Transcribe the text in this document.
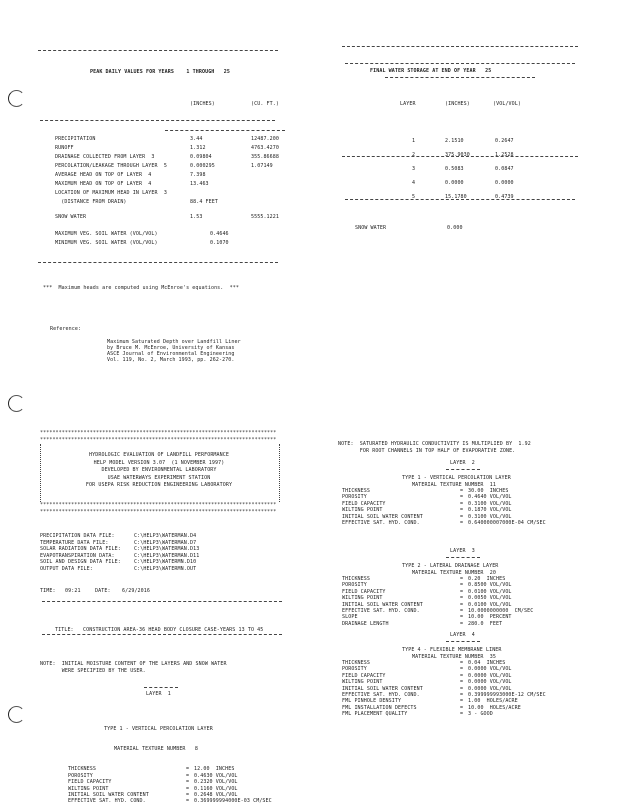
PEAK DAILY VALUES FOR YEARS    1 THROUGH   25

(INCHES)	(CU. FT.)

PRECIPITATION	3.44	12487.200
RUNOFF	1.312	4763.4270
DRAINAGE COLLECTED FROM LAYER  3	0.09804	355.86688
PERCOLATION/LEAKAGE THROUGH LAYER  5	0.000295	1.07149
AVERAGE HEAD ON TOP OF LAYER  4	7.398
MAXIMUM HEAD ON TOP OF LAYER  4	13.463
LOCATION OF MAXIMUM HEAD IN LAYER  3
(DISTANCE FROM DRAIN)	88.4 FEET
SNOW WATER	1.53	5555.1221
MAXIMUM VEG. SOIL WATER (VOL/VOL)	0.4646
MINIMUM VEG. SOIL WATER (VOL/VOL)	0.1070

***  Maximum heads are computed using McEnroe's equations.  ***

Reference:

Maximum Saturated Depth over Landfill Liner
by Bruce M. McEnroe, University of Kansas
ASCE Journal of Environmental Engineering
Vol. 119, No. 2, March 1993, pp. 262-270.

FINAL WATER STORAGE AT END OF YEAR   25

LAYER

	(INCHES)

	(VOL/VOL)

1	2.1510	0.2647
2	375.9030	1.2528
3	0.5083	0.0847
4	0.0000	0.0000
5	15.1780	0.4739

SNOW WATER	0.000

****************************************************************************

****************************************************************************

HYDROLOGIC EVALUATION OF LANDFILL PERFORMANCE
HELP MODEL VERSION 3.07  (1 NOVEMBER 1997)
DEVELOPED BY ENVIRONMENTAL LABORATORY
USAE WATERWAYS EXPERIMENT STATION
FOR USEPA RISK REDUCTION ENGINEERING LABORATORY

****************************************************************************

****************************************************************************

PRECIPITATION DATA FILE:	C:\HELP3\WATERMAN.D4
TEMPERATURE DATA FILE:	C:\HELP3\WATERMAN.D7
SOLAR RADIATION DATA FILE:	C:\HELP3\WATERMAN.D13
EVAPOTRANSPIRATION DATA:	C:\HELP3\WATERMAN.D11
SOIL AND DESIGN DATA FILE:	C:\HELP3\WATERMN.D10
OUTPUT DATA FILE:	C:\HELP3\WATERMN.OUT

TIME: 09:21	DATE: 6/29/2016

TITLE: CONSTRUCTION AREA-36 HEAD BODY CLOSURE CASE-YEARS 13 TO 45

NOTE:  INITIAL MOISTURE CONTENT OF THE LAYERS AND SNOW WATER
WERE SPECIFIED BY THE USER.

LAYER  1

TYPE 1 - VERTICAL PERCOLATION LAYER

MATERIAL TEXTURE NUMBER   8

THICKNESS	= 12.00  INCHES
POROSITY	= 0.4630 VOL/VOL
FIELD CAPACITY	= 0.2320 VOL/VOL
WILTING POINT	= 0.1160 VOL/VOL
INITIAL SOIL WATER CONTENT	= 0.2648 VOL/VOL
EFFECTIVE SAT. HYD. COND.	= 0.369999994000E-03 CM/SEC

NOTE:  SATURATED HYDRAULIC CONDUCTIVITY IS MULTIPLIED BY  1.92
FOR ROOT CHANNELS IN TOP HALF OF EVAPORATIVE ZONE.

LAYER  2
TYPE 1 - VERTICAL PERCOLATION LAYER
MATERIAL TEXTURE NUMBER  11
THICKNESS	= 30.00  INCHES
POROSITY	= 0.4640 VOL/VOL
FIELD CAPACITY	= 0.3100 VOL/VOL
WILTING POINT	= 0.1870 VOL/VOL
INITIAL SOIL WATER CONTENT	= 0.3100 VOL/VOL
EFFECTIVE SAT. HYD. COND.	= 0.640000007000E-04 CM/SEC
LAYER  3
TYPE 2 - LATERAL DRAINAGE LAYER
MATERIAL TEXTURE NUMBER  20
THICKNESS	= 0.20  INCHES
POROSITY	= 0.8500 VOL/VOL
FIELD CAPACITY	= 0.0100 VOL/VOL
WILTING POINT	= 0.0050 VOL/VOL
INITIAL SOIL WATER CONTENT	= 0.0100 VOL/VOL
EFFECTIVE SAT. HYD. COND.	= 10.0000000000  CM/SEC
SLOPE	= 10.00  PERCENT
DRAINAGE LENGTH	= 280.0  FEET
LAYER  4
TYPE 4 - FLEXIBLE MEMBRANE LINER
MATERIAL TEXTURE NUMBER  35
THICKNESS	= 0.04  INCHES
POROSITY	= 0.0000 VOL/VOL
FIELD CAPACITY	= 0.0000 VOL/VOL
WILTING POINT	= 0.0000 VOL/VOL
INITIAL SOIL WATER CONTENT	= 0.0000 VOL/VOL
EFFECTIVE SAT. HYD. COND.	= 0.399999993000E-12 CM/SEC
FML PINHOLE DENSITY	= 1.00  HOLES/ACRE
FML INSTALLATION DEFECTS	= 10.00  HOLES/ACRE
FML PLACEMENT QUALITY	= 3 - GOOD
